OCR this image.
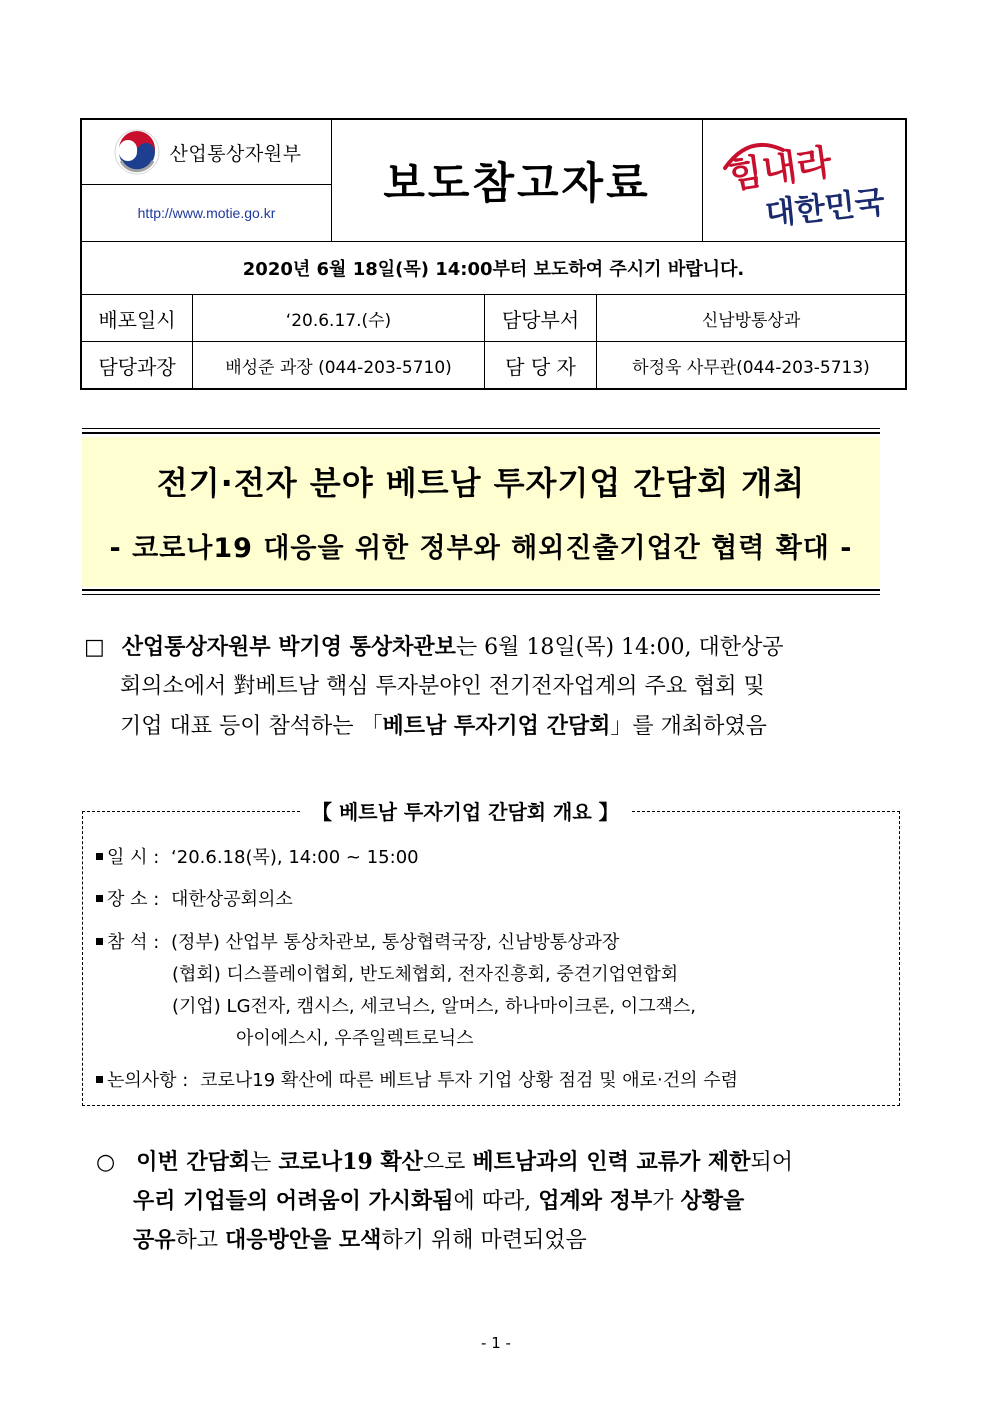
산업통상자원부
http://www.motie.go.kr
보도참고자료 힘내라
대한민국
2020년 6월 18일(목) 14:00부터 보도하여 주시기 바랍니다.
배포일시	‘20.6.17.(수)	담당부서	신남방통상과
담당과장	배성준 과장 (044-203-5710)	담 당 자	하정욱 사무관(044-203-5713)
전기·전자 분야 베트남 투자기업 간담회 개최
- 코로나19 대응을 위한 정부와 해외진출기업간 협력 확대 -
□ 산업통상자원부 박기영 통상차관보는 6월 18일(목) 14:00, 대한상공
회의소에서 對베트남 핵심 투자분야인 전기전자업계의 주요 협회 및
기업 대표 등이 참석하는 「베트남 투자기업 간담회」를 개최하였음
【 베트남 투자기업 간담회 개요 】
일 시 : ‘20.6.18(목), 14:00 ~ 15:00
장 소 : 대한상공회의소
참 석 : (정부) 산업부 통상차관보, 통상협력국장, 신남방통상과장
(협회) 디스플레이협회, 반도체협회, 전자진흥회, 중견기업연합회
(기업) LG전자, 캠시스, 세코닉스, 알머스, 하나마이크론, 이그잭스,
아이에스시, 우주일렉트로닉스
논의사항 : 코로나19 확산에 따른 베트남 투자 기업 상황 점검 및 애로‧건의 수렴
○ 이번 간담회는 코로나19 확산으로 베트남과의 인력 교류가 제한되어
우리 기업들의 어려움이 가시화됨에 따라, 업계와 정부가 상황을
공유하고 대응방안을 모색하기 위해 마련되었음
- 1 -
